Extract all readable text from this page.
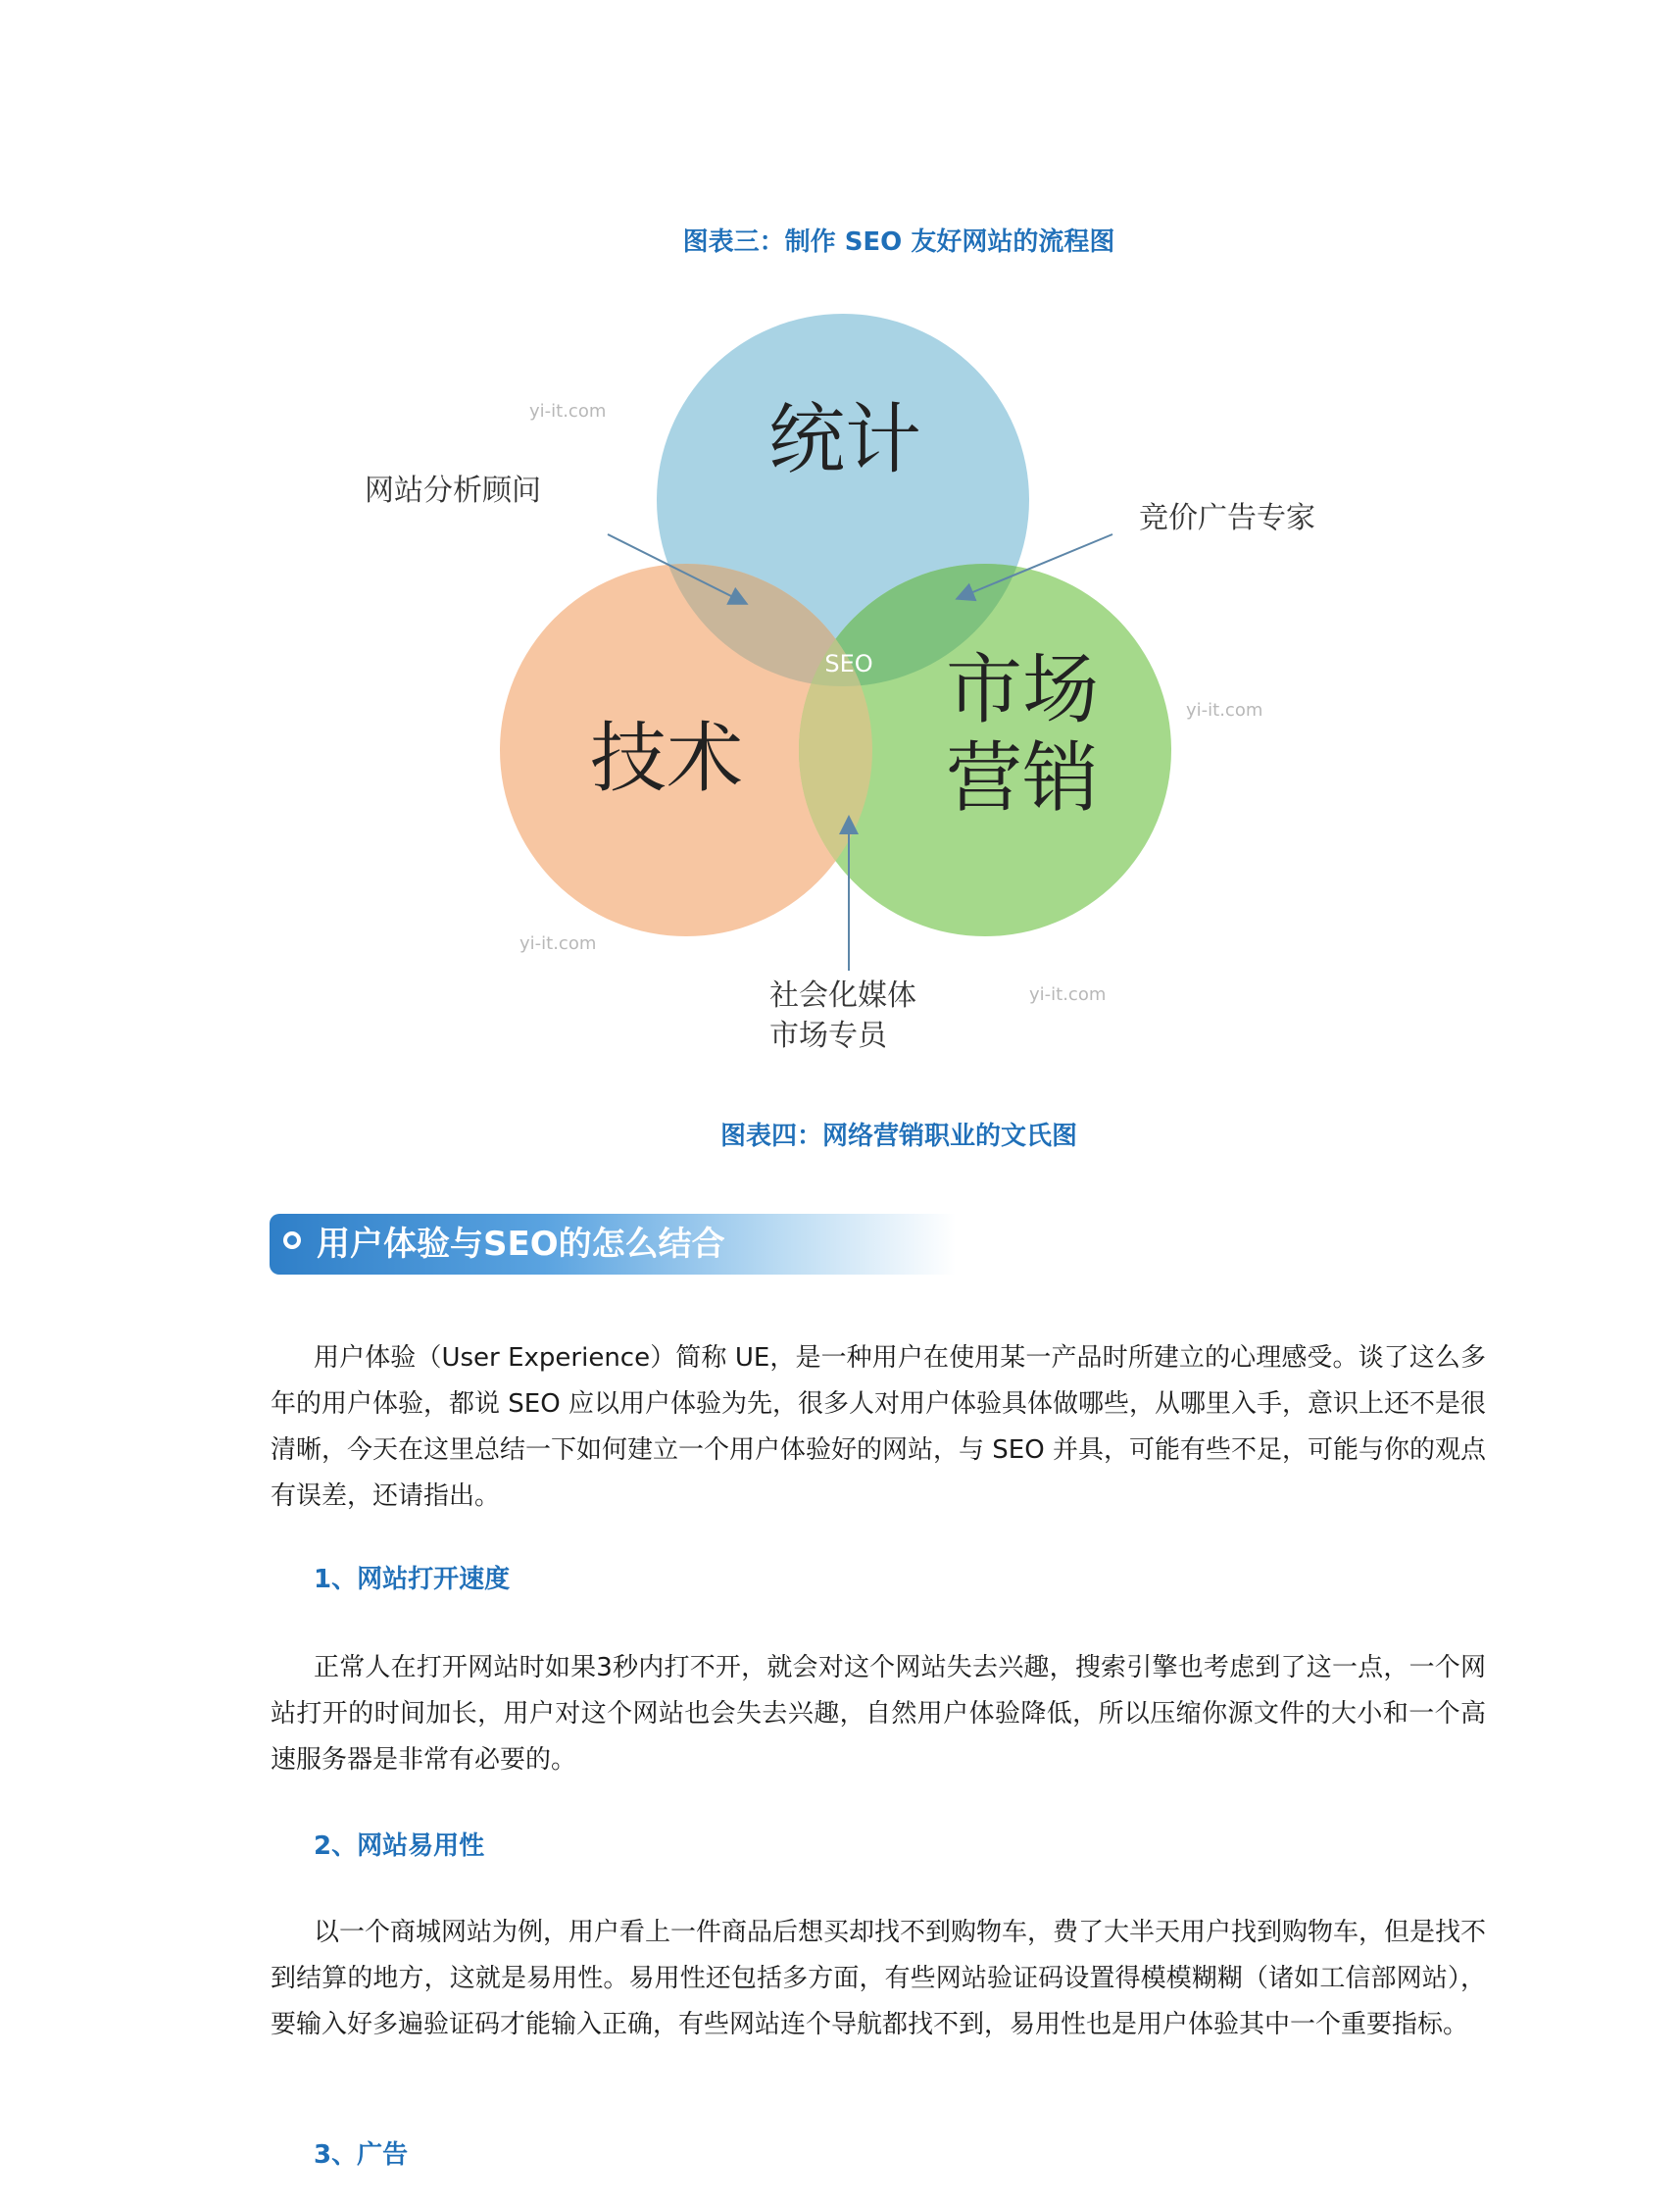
图表三：制作 SEO 友好网站的流程图
统计
技术
市场
营销
SEO
网站分析顾问
竞价广告专家
社会化媒体
市场专员
yi-it.com
yi-it.com
yi-it.com
yi-it.com
图表四：网络营销职业的文氏图
用户体验与SEO的怎么结合

用户体验（User Experience）简称 UE，是一种用户在使用某一产品时所建立的心理感受。谈了这么多年的用户体验，都说 SEO 应以用户体验为先，很多人对用户体验具体做哪些，从哪里入手，意识上还不是很清晰，今天在这里总结一下如何建立一个用户体验好的网站，与 SEO 并具，可能有些不足，可能与你的观点有误差，还请指出。

1、网站打开速度

正常人在打开网站时如果3秒内打不开，就会对这个网站失去兴趣，搜索引擎也考虑到了这一点，一个网站打开的时间加长，用户对这个网站也会失去兴趣，自然用户体验降低，所以压缩你源文件的大小和一个高速服务器是非常有必要的。

2、网站易用性

以一个商城网站为例，用户看上一件商品后想买却找不到购物车，费了大半天用户找到购物车，但是找不到结算的地方，这就是易用性。易用性还包括多方面，有些网站验证码设置得模模糊糊（诸如工信部网站），要输入好多遍验证码才能输入正确，有些网站连个导航都找不到，易用性也是用户体验其中一个重要指标。

3、广告
